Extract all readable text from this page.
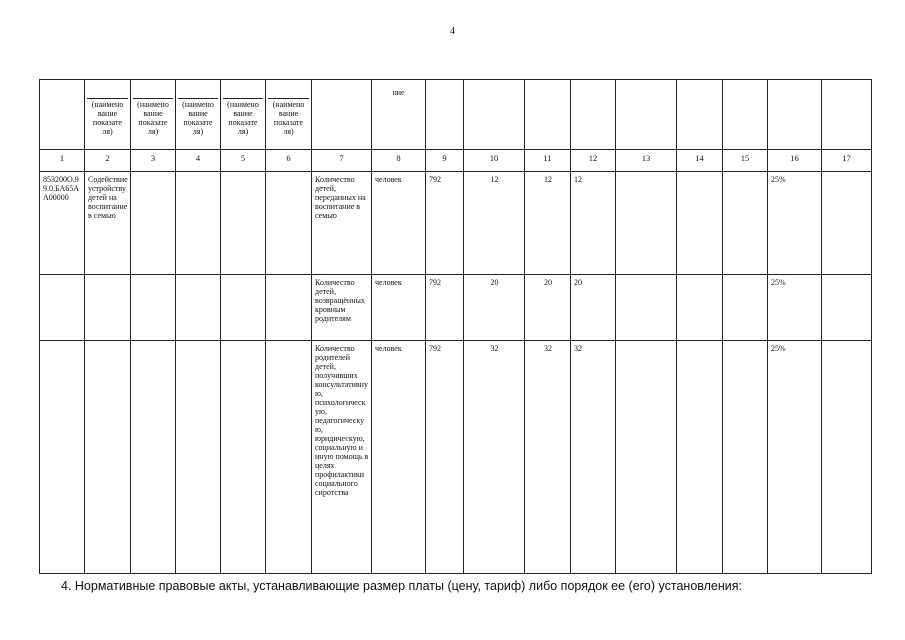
4

	(наимено вание показате ля)	(наимено вание показате ля)	(наимено вание показате ля)	(наимено вание показате ля)	(наимено вание показате ля)		ние									
1	2	3	4	5	6	7	8	9	10	11	12	13	14	15	16	17
853200О.99.0.БА65АА00000	Содействие устройству детей на воспитание в семью					Количество детей, переданных на воспитание в семью	человек	792	12	12	12				25%	
						Количество детей, возвращённых кровным родителям	человек	792	20	20	20				25%	
						Количество родителей детей, получивших консультативную, психологическую, педагогическую, юридическую, социальную и иную помощь в целях профилактики социального сиротства	человек	792	32	32	32				25%	
4. Нормативные правовые акты, устанавливающие размер платы (цену, тариф) либо порядок ее (его) установления:
